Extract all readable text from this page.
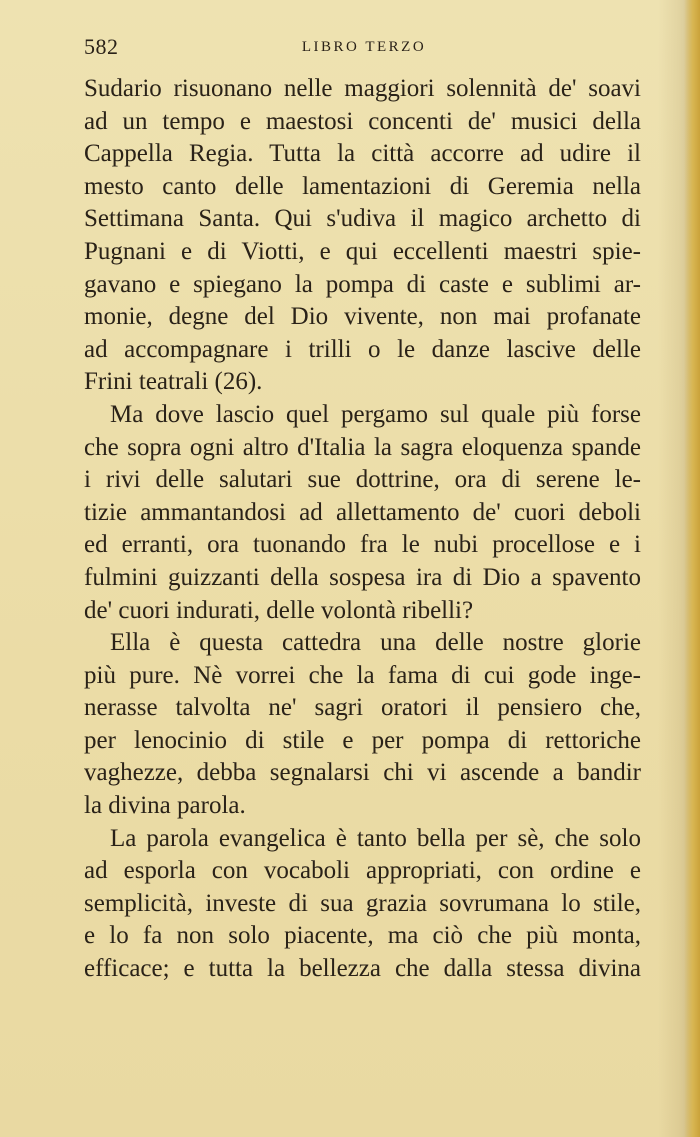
582	LIBRO TERZO
Sudario risuonano nelle maggiori solennità de' soavi
ad un tempo e maestosi concenti de' musici della
Cappella Regia. Tutta la città accorre ad udire il
mesto canto delle lamentazioni di Geremia nella
Settimana Santa. Qui s'udiva il magico archetto di
Pugnani e di Viotti, e qui eccellenti maestri spie-
gavano e spiegano la pompa di caste e sublimi ar-
monie, degne del Dio vivente, non mai profanate
ad accompagnare i trilli o le danze lascive delle
Frini teatrali (26).
Ma dove lascio quel pergamo sul quale più forse
che sopra ogni altro d'Italia la sagra eloquenza spande
i rivi delle salutari sue dottrine, ora di serene le-
tizie ammantandosi ad allettamento de' cuori deboli
ed erranti, ora tuonando fra le nubi procellose e i
fulmini guizzanti della sospesa ira di Dio a spavento
de' cuori indurati, delle volontà ribelli?
Ella è questa cattedra una delle nostre glorie
più pure. Nè vorrei che la fama di cui gode inge-
nerasse talvolta ne' sagri oratori il pensiero che,
per lenocinio di stile e per pompa di rettoriche
vaghezze, debba segnalarsi chi vi ascende a bandir
la divina parola.
La parola evangelica è tanto bella per sè, che solo
ad esporla con vocaboli appropriati, con ordine e
semplicità, investe di sua grazia sovrumana lo stile,
e lo fa non solo piacente, ma ciò che più monta,
efficace; e tutta la bellezza che dalla stessa divina
